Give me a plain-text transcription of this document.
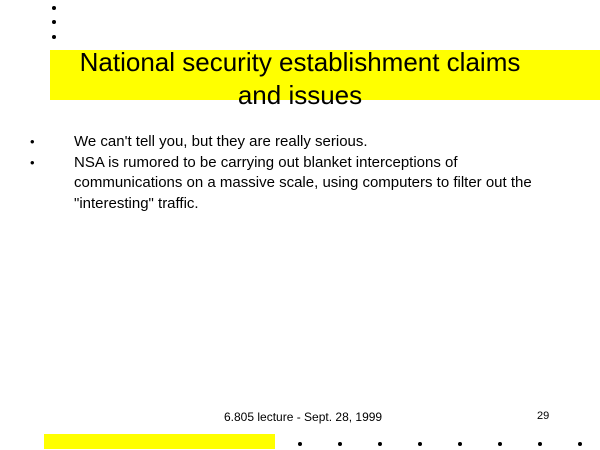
National security establishment claims
and issues
•	We can't tell you, but they are really serious.
•	NSA is rumored to be carrying out blanket interceptions of communications on a massive scale, using computers to filter out the "interesting" traffic.
6.805 lecture - Sept. 28, 1999	29
